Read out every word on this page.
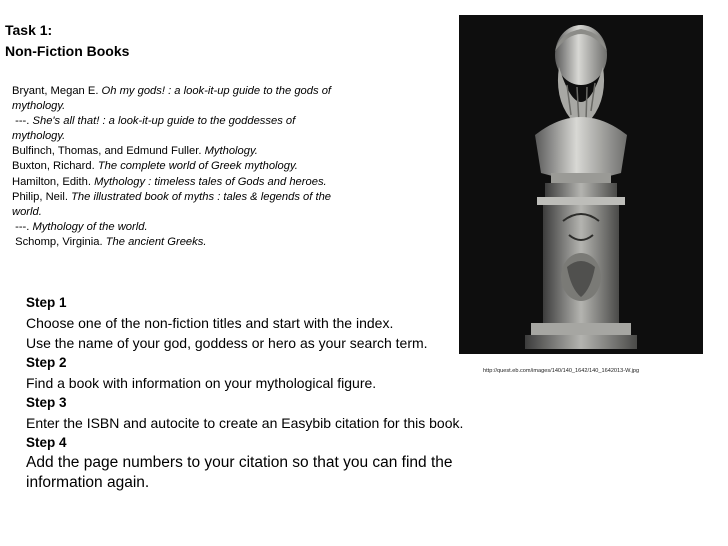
Task 1:
Non-Fiction Books
Bryant, Megan E. Oh my gods! : a look-it-up guide to the gods of
mythology.
---. She's all that! : a look-it-up guide to the goddesses of
mythology.
Bulfinch, Thomas, and Edmund Fuller. Mythology.
Buxton, Richard. The complete world of Greek mythology.
Hamilton, Edith. Mythology : timeless tales of Gods and heroes.
Philip, Neil. The illustrated book of myths : tales & legends of the
world.
---. Mythology of the world.
Schomp, Virginia. The ancient Greeks.
http://quest.eb.com/images/140/140_1642/140_1642013-W.jpg
Step 1
Choose one of the non-fiction titles and start with the index.
Use the name of your god, goddess or hero as your search term.
Step 2
Find a book with information on your mythological figure.
Step 3
Enter the ISBN and autocite to create an Easybib citation for this book.
Step 4
Add the page numbers to your citation so that you can find the
information again.
